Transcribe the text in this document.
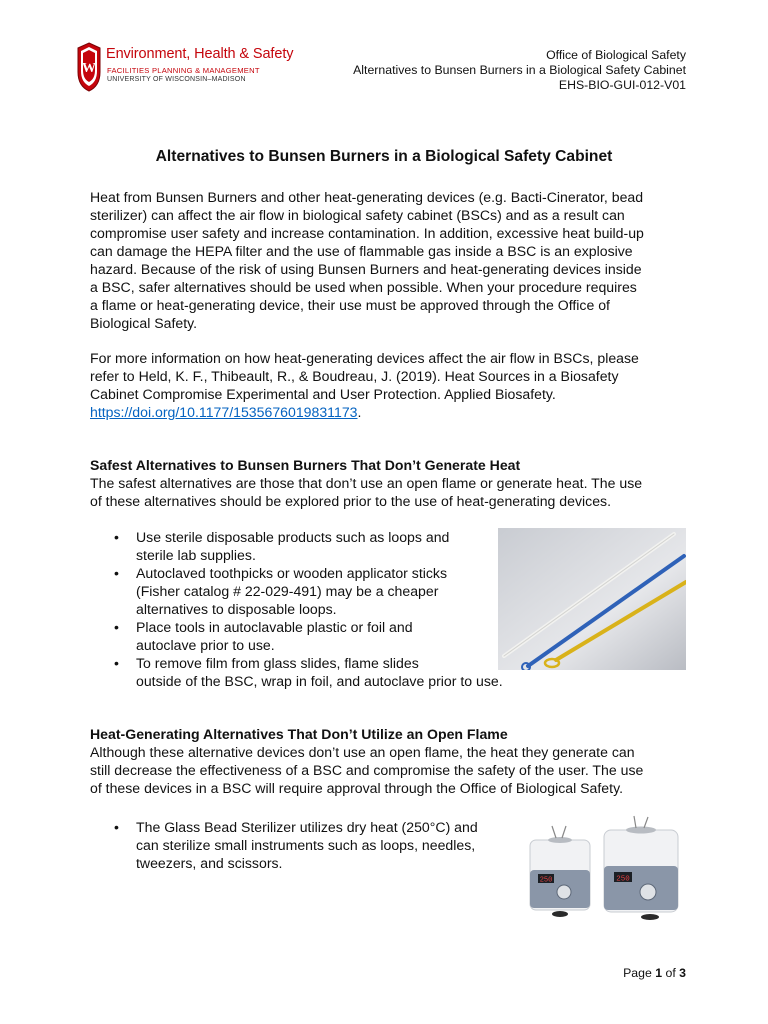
W
Environment, Health & Safety
FACILITIES PLANNING & MANAGEMENT
UNIVERSITY OF WISCONSIN–MADISON
Office of Biological Safety
Alternatives to Bunsen Burners in a Biological Safety Cabinet
EHS-BIO-GUI-012-V01
Alternatives to Bunsen Burners in a Biological Safety Cabinet
Heat from Bunsen Burners and other heat-generating devices (e.g. Bacti-Cinerator, bead
sterilizer) can affect the air flow in biological safety cabinet (BSCs) and as a result can
compromise user safety and increase contamination. In addition, excessive heat build-up
can damage the HEPA filter and the use of flammable gas inside a BSC is an explosive
hazard. Because of the risk of using Bunsen Burners and heat-generating devices inside
a BSC, safer alternatives should be used when possible. When your procedure requires
a flame or heat-generating device, their use must be approved through the Office of
Biological Safety.
For more information on how heat-generating devices affect the air flow in BSCs, please
refer to Held, K. F., Thibeault, R., & Boudreau, J. (2019). Heat Sources in a Biosafety
Cabinet Compromise Experimental and User Protection. Applied Biosafety.
https://doi.org/10.1177/1535676019831173.
Safest Alternatives to Bunsen Burners That Don’t Generate Heat
The safest alternatives are those that don’t use an open flame or generate heat. The use
of these alternatives should be explored prior to the use of heat-generating devices.
• Use sterile disposable products such as loops and
sterile lab supplies.
• Autoclaved toothpicks or wooden applicator sticks
(Fisher catalog # 22-029-491) may be a cheaper
alternatives to disposable loops.
• Place tools in autoclavable plastic or foil and
autoclave prior to use.
• To remove film from glass slides, flame slides
outside of the BSC, wrap in foil, and autoclave prior to use.
Heat-Generating Alternatives That Don’t Utilize an Open Flame
Although these alternative devices don’t use an open flame, the heat they generate can
still decrease the effectiveness of a BSC and compromise the safety of the user. The use
of these devices in a BSC will require approval through the Office of Biological Safety.
• The Glass Bead Sterilizer utilizes dry heat (250°C) and
can sterilize small instruments such as loops, needles,
tweezers, and scissors.
250	250
Page 1 of 3
